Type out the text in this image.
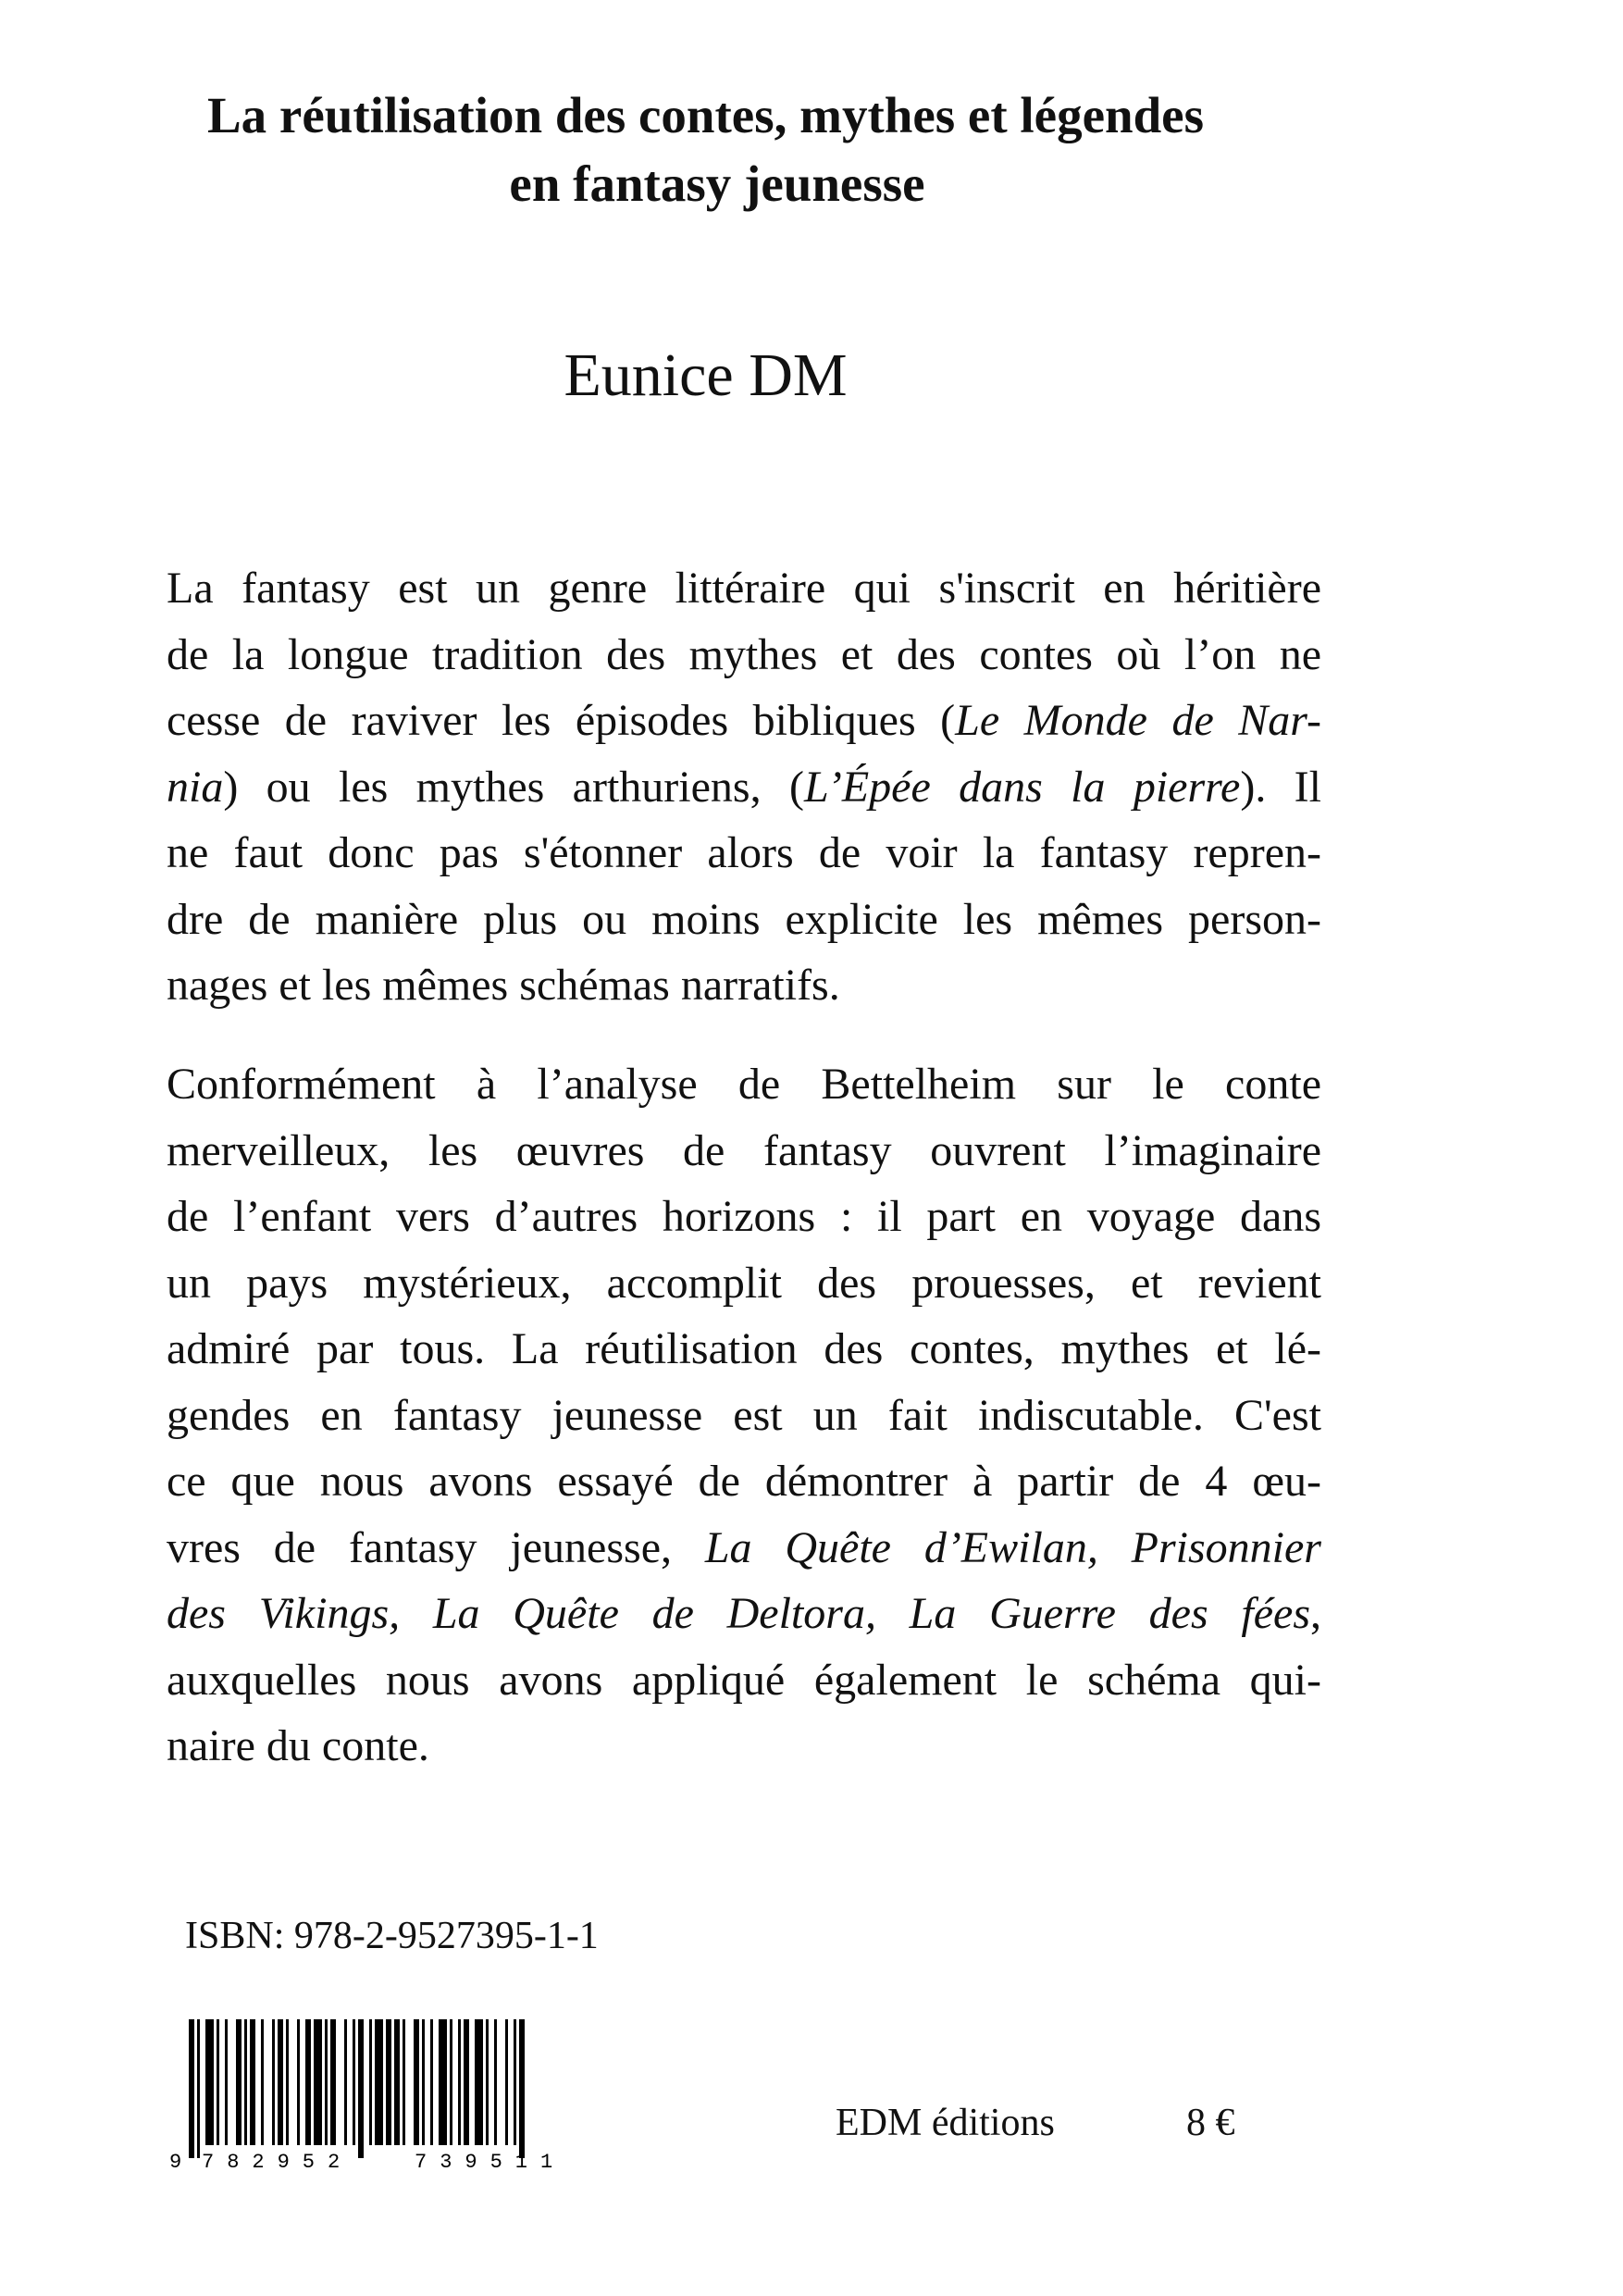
La réutilisation des contes, mythes et légendes
en fantasy jeunesse
Eunice DM
La fantasy est un genre littéraire qui s'inscrit en héritière
de la longue tradition des mythes et des contes où l’on ne
cesse de raviver les épisodes bibliques (Le Monde de Nar-
nia) ou les mythes arthuriens, (L’Épée dans la pierre). Il
ne faut donc pas s'étonner alors de voir la fantasy repren-
dre de manière plus ou moins explicite les mêmes person-
nages et les mêmes schémas narratifs.
Conformément à l’analyse de Bettelheim sur le conte
merveilleux, les œuvres de fantasy ouvrent l’imaginaire
de l’enfant vers d’autres horizons : il part en voyage dans
un pays mystérieux, accomplit des prouesses, et revient
admiré par tous. La réutilisation des contes, mythes et lé-
gendes en fantasy jeunesse est un fait indiscutable. C'est
ce que nous avons essayé de démontrer à partir de 4 œu-
vres de fantasy jeunesse, La Quête d’Ewilan, Prisonnier
des Vikings, La Quête de Deltora, La Guerre des fées,
auxquelles nous avons appliqué également le schéma qui-
naire du conte.
ISBN: 978-2-9527395-1-1
9 782952	739511
EDM éditions	8 €
